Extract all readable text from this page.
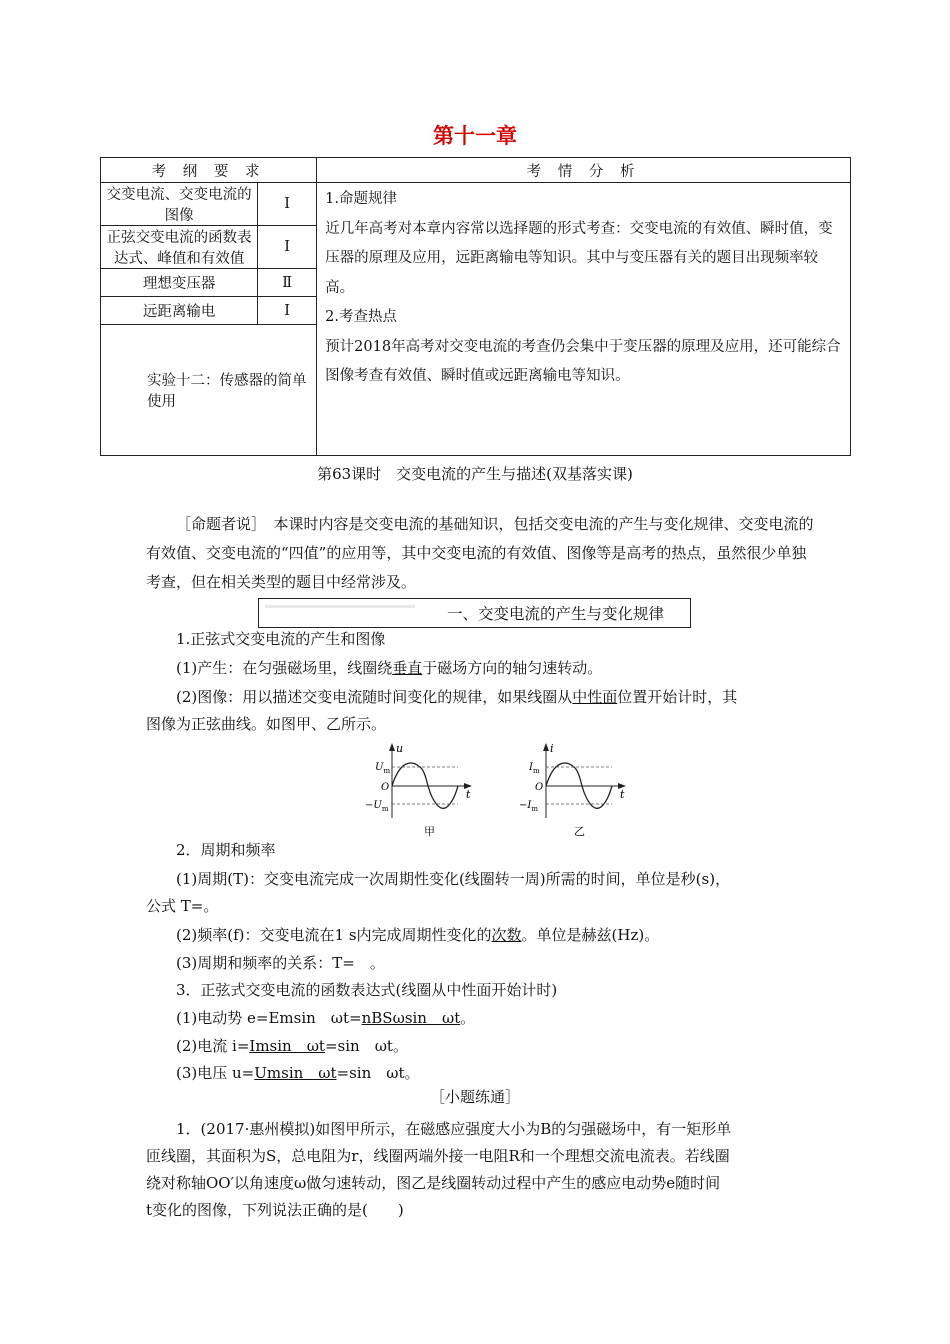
第十一章
考 纲 要 求		考 情 分 析
交变电流、交变电流的图像	Ⅰ	1.命题规律
近几年高考对本章内容常以选择题的形式考查：交变电流的有效值、瞬时值，变压器的原理及应用，远距离输电等知识。其中与变压器有关的题目出现频率较高。
2.考查热点
预计2018年高考对交变电流的考查仍会集中于变压器的原理及应用，还可能综合图像考查有效值、瞬时值或远距离输电等知识。

正弦交变电流的函数表达式、峰值和有效值	Ⅰ	
理想变压器	Ⅱ	
远距离输电	Ⅰ	
实验十二：传感器的简单使用		
第63课时　交变电流的产生与描述(双基落实课)
［命题者说］　本课时内容是交变电流的基础知识，包括交变电流的产生与变化规律、交变电流的有效值、交变电流的“四值”的应用等，其中交变电流的有效值、图像等是高考的热点，虽然很少单独考查，但在相关类型的题目中经常涉及。
一、交变电流的产生与变化规律
1.正弦式交变电流的产生和图像
(1)产生：在匀强磁场里，线圈绕垂直于磁场方向的轴匀速转动。
(2)图像：用以描述交变电流随时间变化的规律，如果线圈从中性面位置开始计时，其
图像为正弦曲线。如图甲、乙所示。
u
$U_m$
O
$-U_m$
t
甲
i
$I_m$
O
$-I_m$
t
乙
2．周期和频率
(1)周期(T)：交变电流完成一次周期性变化(线圈转一周)所需的时间，单位是秒(s)，
公式 T=。
(2)频率(f)：交变电流在1 s内完成周期性变化的次数。单位是赫兹(Hz)。
(3)周期和频率的关系：T=　。
3．正弦式交变电流的函数表达式(线圈从中性面开始计时)
(1)电动势 e=Emsin　ωt=nBSωsin　ωt。
(2)电流 i=Imsin　ωt=sin　ωt。
(3)电压 u=Umsin　ωt=sin　ωt。
［小题练通］
1．(2017·惠州模拟)如图甲所示，在磁感应强度大小为B的匀强磁场中，有一矩形单
匝线圈，其面积为S，总电阻为r，线圈两端外接一电阻R和一个理想交流电流表。若线圈
绕对称轴OO′以角速度ω做匀速转动，图乙是线圈转动过程中产生的感应电动势e随时间
t变化的图像，下列说法正确的是(　　)
